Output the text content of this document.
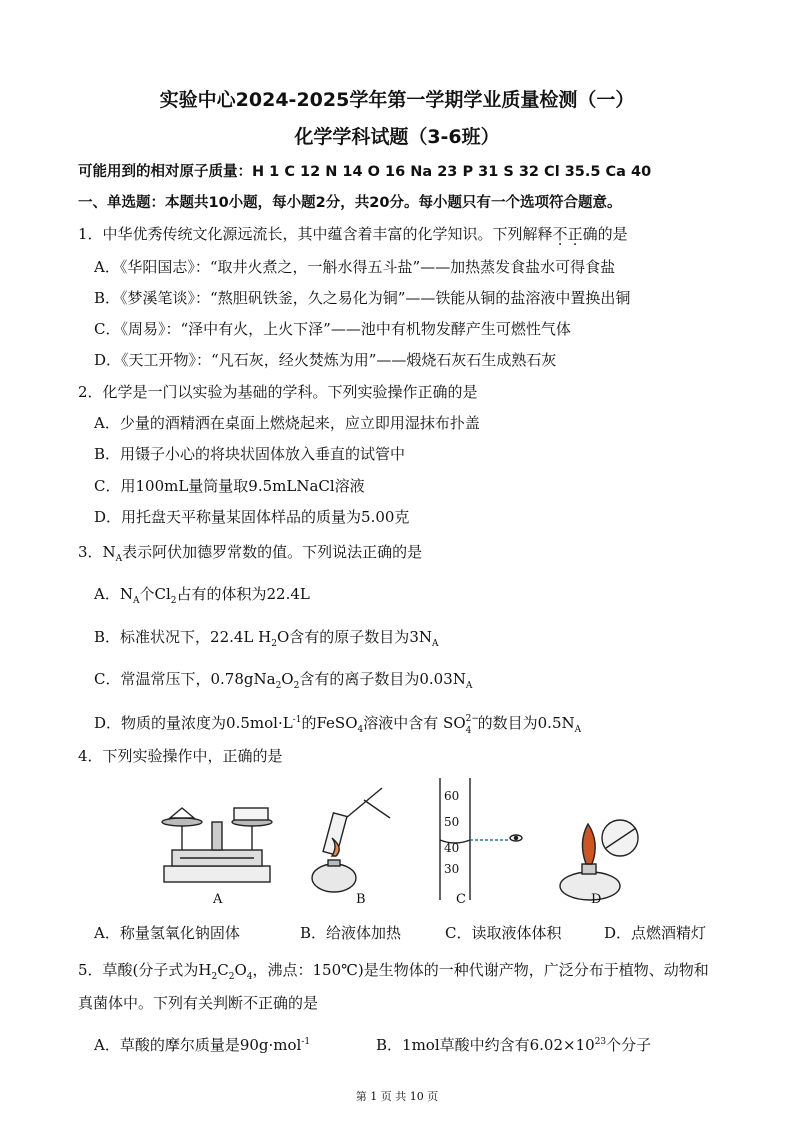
实验中心2024-2025学年第一学期学业质量检测（一）
化学学科试题（3-6班）
可能用到的相对原子质量：H 1 C 12 N 14 O 16 Na 23 P 31 S 32 Cl 35.5 Ca 40
一、单选题：本题共10小题，每小题2分，共20分。每小题只有一个选项符合题意。
1．中华优秀传统文化源远流长，其中蕴含着丰富的化学知识。下列解释不正确的是
A．《华阳国志》：“取井火煮之，一斛水得五斗盐”——加热蒸发食盐水可得食盐
B．《梦溪笔谈》：“熬胆矾铁釜，久之易化为铜”——铁能从铜的盐溶液中置换出铜
C．《周易》：“泽中有火，上火下泽”——池中有机物发酵产生可燃性气体
D．《天工开物》：“凡石灰，经火焚炼为用”——煅烧石灰石生成熟石灰
2．化学是一门以实验为基础的学科。下列实验操作正确的是
A．少量的酒精洒在桌面上燃烧起来，应立即用湿抹布扑盖
B．用镊子小心的将块状固体放入垂直的试管中
C．用100mL量筒量取9.5mLNaCl溶液
D．用托盘天平称量某固体样品的质量为5.00克
3．$N_A$表示阿伏加德罗常数的值。下列说法正确的是
A．$N_A$个$Cl_2$占有的体积为22.4L
B．标准状况下，22.4L $H_2O$含有的原子数目为$3N_A$
C．常温常压下，$0.78gNa_2O_2$含有的离子数目为$0.03N_A$
D．物质的量浓度为$0.5mol\cdot L^{-1}$的FeSO$_4$溶液中含有 SO 2−
4 的数目为$0.5N_A$
4．下列实验操作中，正确的是
60
50
40
30
A	B	C	D
A．称量氢氧化钠固体	B．给液体加热	C．读取液体体积	D．点燃酒精灯
5．草酸(分子式为$H_2C_2O_4$，沸点：150℃)是生物体的一种代谢产物，广泛分布于植物、动物和
真菌体中。下列有关判断不正确的是
A．草酸的摩尔质量是90g·mol$^{-1}$	B．1mol草酸中约含有$6.02\times 10^{23}$个分子
第 1 页 共 10 页
